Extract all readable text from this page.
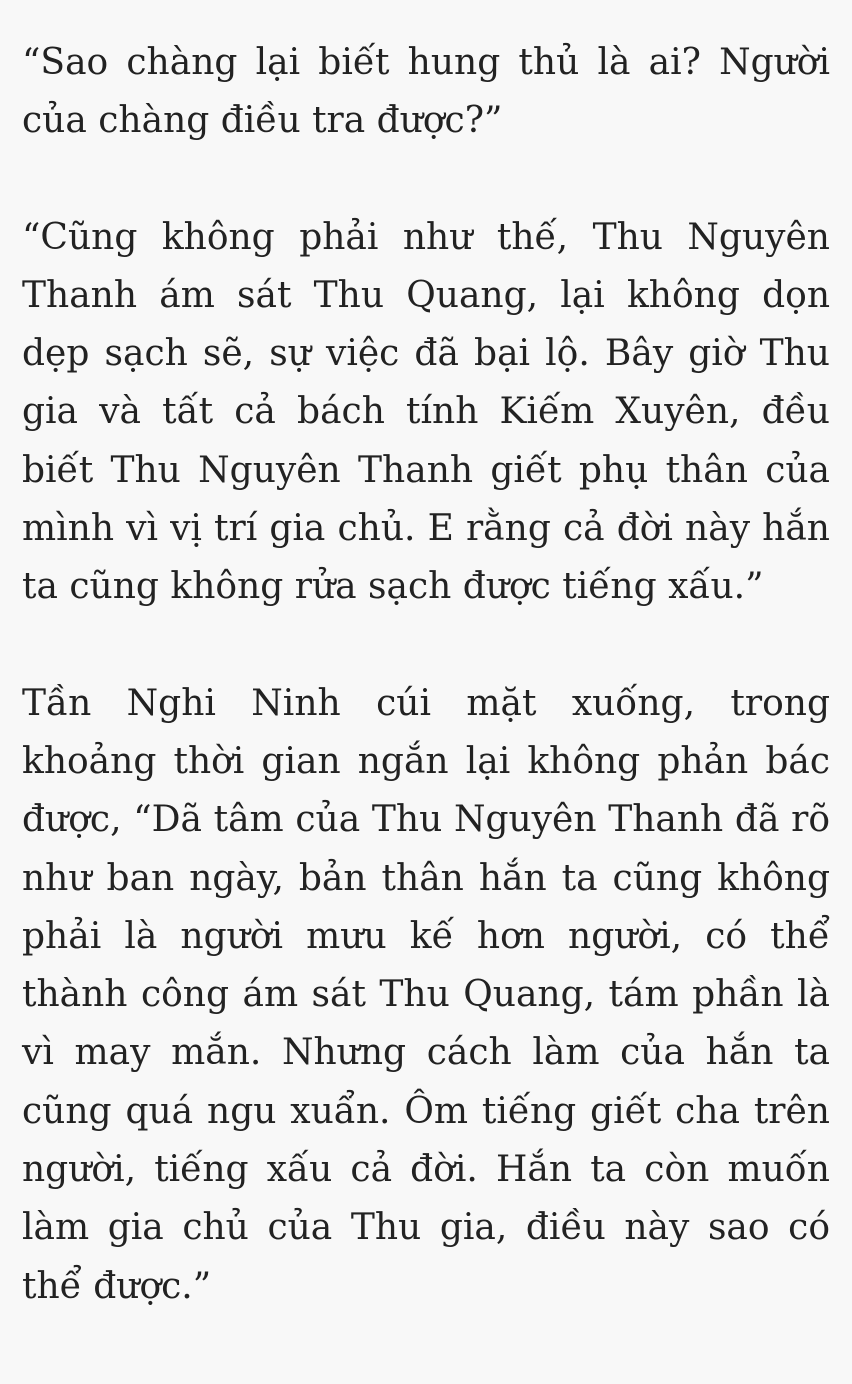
“Sao chàng lại biết hung thủ là ai? Người của chàng điều tra được?”

“Cũng không phải như thế, Thu Nguyên Thanh ám sát Thu Quang, lại không dọn dẹp sạch sẽ, sự việc đã bại lộ. Bây giờ Thu gia và tất cả bách tính Kiếm Xuyên, đều biết Thu Nguyên Thanh giết phụ thân của mình vì vị trí gia chủ. E rằng cả đời này hắn ta cũng không rửa sạch được tiếng xấu.”

Tần Nghi Ninh cúi mặt xuống, trong khoảng thời gian ngắn lại không phản bác được, “Dã tâm của Thu Nguyên Thanh đã rõ như ban ngày, bản thân hắn ta cũng không phải là người mưu kế hơn người, có thể thành công ám sát Thu Quang, tám phần là vì may mắn. Nhưng cách làm của hắn ta cũng quá ngu xuẩn. Ôm tiếng giết cha trên người, tiếng xấu cả đời. Hắn ta còn muốn làm gia chủ của Thu gia, điều này sao có thể được.”
